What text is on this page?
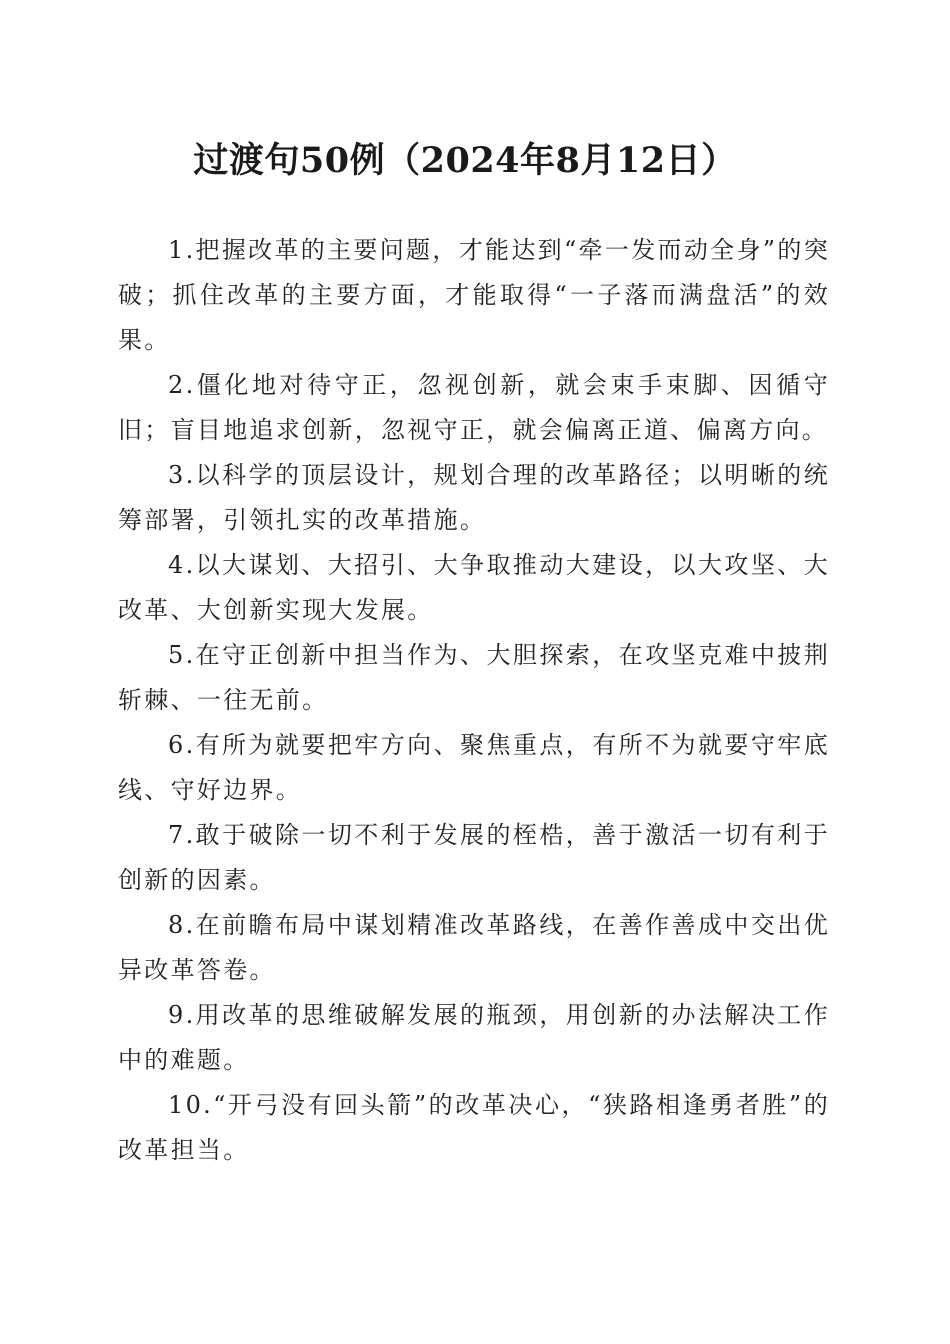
过渡句50例（2024年8月12日）

1.把握改革的主要问题，才能达到“牵一发而动全身”的突破；抓住改革的主要方面，才能取得“一子落而满盘活”的效果。

2.僵化地对待守正，忽视创新，就会束手束脚、因循守旧；盲目地追求创新，忽视守正，就会偏离正道、偏离方向。

3.以科学的顶层设计，规划合理的改革路径；以明晰的统筹部署，引领扎实的改革措施。

4.以大谋划、大招引、大争取推动大建设，以大攻坚、大改革、大创新实现大发展。

5.在守正创新中担当作为、大胆探索，在攻坚克难中披荆斩棘、一往无前。

6.有所为就要把牢方向、聚焦重点，有所不为就要守牢底线、守好边界。

7.敢于破除一切不利于发展的桎梏，善于激活一切有利于创新的因素。

8.在前瞻布局中谋划精准改革路线，在善作善成中交出优异改革答卷。

9.用改革的思维破解发展的瓶颈，用创新的办法解决工作中的难题。

10.“开弓没有回头箭”的改革决心，“狭路相逢勇者胜”的改革担当。
